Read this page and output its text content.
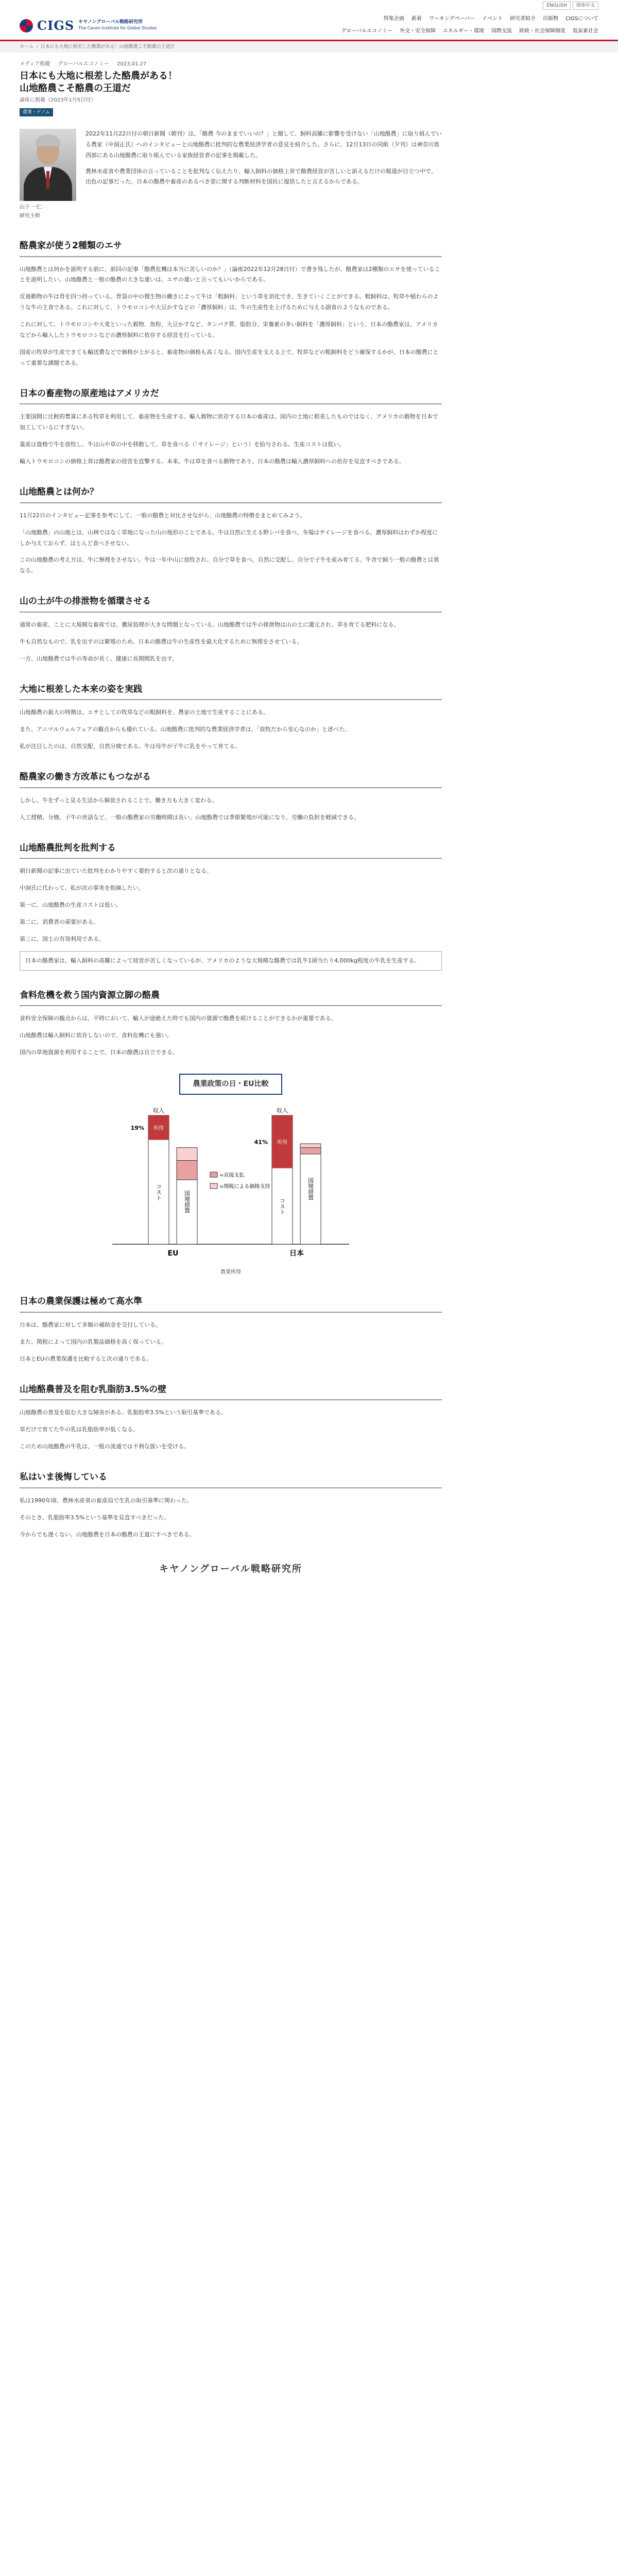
ENGLISH	简体中文
CIGS キヤノングローバル戦略研究所
The Canon Institute for Global Studies
特集企画 新着 ワーキングペーパー イベント 研究者紹介 出版物 CIGSについて
グローバルエコノミー 外交・安全保障 エネルギー・環境 国際交流 財政・社会保障制度 低炭素社会
ホーム › 日本にも大地に根差した酪農がある！山地酪農こそ酪農の王道だ
メディア掲載 グローバルエコノミー 2023.01.27
日本にも大地に根差した酪農がある！
山地酪農こそ酪農の王道だ
論座に掲載（2023年1月5日付）
農業・ゲノム
山下 一仁
研究主幹

2022年11月22日付の朝日新聞（朝刊）は、「酪農 今のままでいいの？」と題して、飼料高騰に影響を受けない「山地酪農」に取り組んでいる農家（中洞正氏）へのインタビューと山地酪農に批判的な農業経済学者の意見を紹介した。さらに、12月13日の同紙（夕刊）は神奈川県西部にある山地酪農に取り組んでいる家族経営者の記事を掲載した。

農林水産省や農業団体の言っていることを批判なく伝えたり、輸入飼料の価格上昇で酪農経営が苦しいと訴えるだけの報道が目立つ中で、出色の記事だった。日本の酪農や畜産のあるべき姿に関する判断材料を国民に提供したと言えるからである。

酪農家が使う2種類のエサ

山地酪農とは何かを説明する前に、前回の記事「酪農危機は本当に苦しいのか？」（論座2022年12月28日付）で書き残したが、酪農家は2種類のエサを使っていることを説明したい。山地酪農と一般の酪農の大きな違いは、エサの違いと言ってもいいからである。

反芻動物の牛は胃を四つ持っている。胃袋の中の微生物の働きによって牛は「粗飼料」という草を消化でき、生きていくことができる。粗飼料は、牧草や稲わらのような牛の主食である。これに対して、トウモロコシや大豆かすなどの「濃厚飼料」は、牛の生産性を上げるために与える副食のようなものである。

これに対して、トウモロコシや大麦といった穀物、魚粉、大豆かすなど、タンパク質、脂肪分、栄養素の多い飼料を「濃厚飼料」という。日本の酪農家は、アメリカなどから輸入したトウモロコシなどの濃厚飼料に依存する経営を行っている。

国産の牧草が生産できても輸送費などで価格が上がると、畜産物の価格も高くなる。国内生産を支える上で、牧草などの粗飼料をどう確保するかが、日本の酪農にとって重要な課題である。

日本の畜産物の原産地はアメリカだ

主要国間に比較的豊富にある牧草を利用して、畜産物を生産する。輸入穀物に依存する日本の畜産は、国内の土地に根差したものではなく、アメリカの穀物を日本で加工しているにすぎない。

量産は資格で牛を放牧し、牛は山や草の中を移動して、草を食べる（「サイレージ」という）を給与される。生産コストは低い。

輸入トウモロコシの価格上昇は酪農家の経営を直撃する。本来、牛は草を食べる動物であり、日本の酪農は輸入濃厚飼料への依存を見直すべきである。

山地酪農とは何か？

11月22日のインタビュー記事を参考にして、一般の酪農と対比させながら、山地酪農の特徴をまとめてみよう。

「山地酪農」の山地とは、山林ではなく草地になった山の地形のことである。牛は自然に生える野シバを食べ、冬場はサイレージを食べる。濃厚飼料はわずか程度にしか与えておらず、ほとんど食べさせない。

この山地酪農の考え方は、牛に無理をさせない。牛は一年中山に放牧され、自分で草を食べ、自然に交配し、自分で子牛を産み育てる。牛舎で飼う一般の酪農とは異なる。

山の土が牛の排泄物を循環させる

通常の畜産、ことに大規模な畜産では、糞尿処理が大きな問題となっている。山地酪農では牛の排泄物は山の土に還元され、草を育てる肥料になる。

牛も自然なもので、乳を出すのは繁殖のため。日本の酪農は牛の生産性を最大化するために無理をさせている。

一方、山地酪農では牛の寿命が長く、健康に長期間乳を出す。

大地に根差した本来の姿を実践

山地酪農の最大の特徴は、エサとしての牧草などの粗飼料を、農家の土地で生産することにある。

また、アニマルウェルフェアの観点からも優れている。山地酪農に批判的な農業経済学者は、「放牧だから安心なのか」と述べた。

私が注目したのは、自然交配、自然分娩である。牛は母牛が子牛に乳をやって育てる。

酪農家の働き方改革にもつながる

しかし、牛をずっと見る生活から解放されることで、働き方も大きく変わる。

人工授精、分娩、子牛の世話など、一般の酪農家の労働時間は長い。山地酪農では季節繁殖が可能になり、労働の負担を軽減できる。

山地酪農批判を批判する

朝日新聞の記事に出ていた批判をわかりやすく要約すると次の通りとなる。

中洞氏に代わって、私が次の事実を指摘したい。

第一に、山地酪農の生産コストは低い。

第二に、消費者の需要がある。

第三に、国土の有効利用である。

日本の酪農家は、輸入飼料の高騰によって経営が苦しくなっているが、アメリカのような大規模な酪農では乳牛1頭当たり4,000kg程度の牛乳を生産する。
食料危機を救う国内資源立脚の酪農

食料安全保障の観点からは、平時において、輸入が途絶えた時でも国内の資源で酪農を続けることができるかが重要である。

山地酪農は輸入飼料に依存しないので、食料危機にも強い。

国内の草地資源を利用することで、日本の酪農は自立できる。

農業政策の日・EU比較
所得
コスト	国境措置
収入
19%
EU
所得
コスト
国境措置
収入
41%
日本
=直接支払
=関税による価格支持
農業所得
日本の農業保護は極めて高水準

日本は、酪農家に対して多額の補助金を交付している。

また、関税によって国内の乳製品価格を高く保っている。

日本とEUの農業保護を比較すると次の通りである。

山地酪農普及を阻む乳脂肪3.5%の壁

山地酪農の普及を阻む大きな障害がある。乳脂肪率3.5%という取引基準である。

草だけで育てた牛の乳は乳脂肪率が低くなる。

このため山地酪農の牛乳は、一般の流通では不利な扱いを受ける。

私はいま後悔している

私は1990年頃、農林水産省の畜産局で生乳の取引基準に関わった。

そのとき、乳脂肪率3.5%という基準を見直すべきだった。

今からでも遅くない。山地酪農を日本の酪農の王道にすべきである。

キヤノングローバル戦略研究所
